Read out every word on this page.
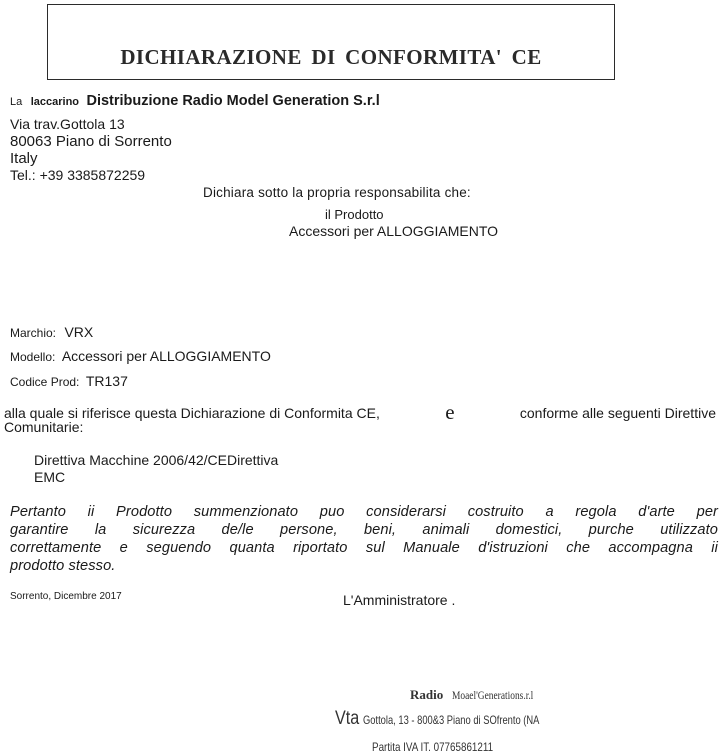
DICHIARAZIONE DI CONFORMITA' CE
La laccarino Distribuzione Radio Model Generation S.r.l
Via trav.Gottola 13
80063 Piano di Sorrento
Italy
Tel.: +39 3385872259
Dichiara sotto la propria responsabilita che:
il Prodotto
Accessori per ALLOGGIAMENTO
Marchio: VRX
Modello: Accessori per ALLOGGIAMENTO
Codice Prod: TR137
alla quale si riferisce questa Dichiarazione di Conformita CE,	e	conforme alle seguenti Direttive
Comunitarie:
Direttiva Macchine 2006/42/CEDirettiva
EMC
Pertanto ii Prodotto summenzionato puo considerarsi costruito a regola d'arte per
garantire la sicurezza de/le persone, beni, animali domestici, purche utilizzato
correttamente e seguendo quanta riportato sul Manuale d'istruzioni che accompagna ii
prodotto stesso.
Sorrento, Dicembre 2017	L'Amministratore .
Radio Moael'Generations.r.l
Vta Gottola, 13 - 800&3 Piano di SOfrento (NA
Partita IVA IT. 07765861211
